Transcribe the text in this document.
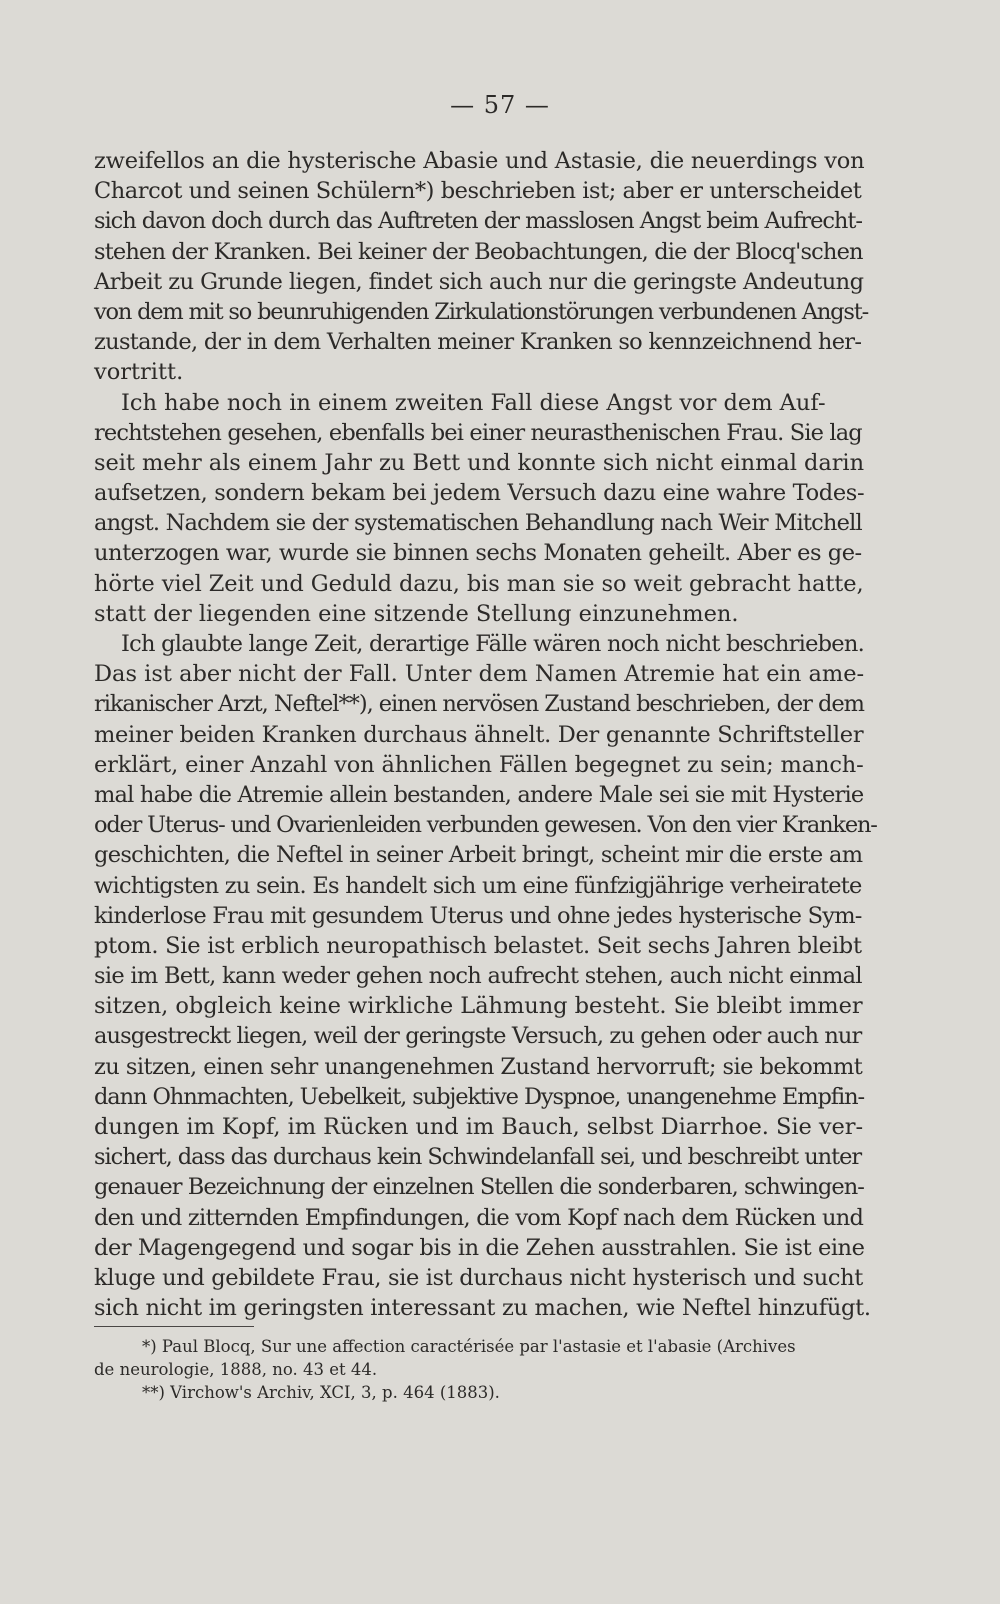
— 57 —
zweifellos an die hysterische Abasie und Astasie, die neuerdings von
Charcot und seinen Schülern*) beschrieben ist; aber er unterscheidet
sich davon doch durch das Auftreten der masslosen Angst beim Aufrecht-
stehen der Kranken. Bei keiner der Beobachtungen, die der Blocq'schen
Arbeit zu Grunde liegen, findet sich auch nur die geringste Andeutung
von dem mit so beunruhigenden Zirkulationstörungen verbundenen Angst-
zustande, der in dem Verhalten meiner Kranken so kennzeichnend her-
vortritt.
Ich habe noch in einem zweiten Fall diese Angst vor dem Auf-
rechtstehen gesehen, ebenfalls bei einer neurasthenischen Frau. Sie lag
seit mehr als einem Jahr zu Bett und konnte sich nicht einmal darin
aufsetzen, sondern bekam bei jedem Versuch dazu eine wahre Todes-
angst. Nachdem sie der systematischen Behandlung nach Weir Mitchell
unterzogen war, wurde sie binnen sechs Monaten geheilt. Aber es ge-
hörte viel Zeit und Geduld dazu, bis man sie so weit gebracht hatte,
statt der liegenden eine sitzende Stellung einzunehmen.
Ich glaubte lange Zeit, derartige Fälle wären noch nicht beschrieben.
Das ist aber nicht der Fall. Unter dem Namen Atremie hat ein ame-
rikanischer Arzt, Neftel**), einen nervösen Zustand beschrieben, der dem
meiner beiden Kranken durchaus ähnelt. Der genannte Schriftsteller
erklärt, einer Anzahl von ähnlichen Fällen begegnet zu sein; manch-
mal habe die Atremie allein bestanden, andere Male sei sie mit Hysterie
oder Uterus- und Ovarienleiden verbunden gewesen. Von den vier Kranken-
geschichten, die Neftel in seiner Arbeit bringt, scheint mir die erste am
wichtigsten zu sein. Es handelt sich um eine fünfzigjährige verheiratete
kinderlose Frau mit gesundem Uterus und ohne jedes hysterische Sym-
ptom. Sie ist erblich neuropathisch belastet. Seit sechs Jahren bleibt
sie im Bett, kann weder gehen noch aufrecht stehen, auch nicht einmal
sitzen, obgleich keine wirkliche Lähmung besteht. Sie bleibt immer
ausgestreckt liegen, weil der geringste Versuch, zu gehen oder auch nur
zu sitzen, einen sehr unangenehmen Zustand hervorruft; sie bekommt
dann Ohnmachten, Uebelkeit, subjektive Dyspnoe, unangenehme Empfin-
dungen im Kopf, im Rücken und im Bauch, selbst Diarrhoe. Sie ver-
sichert, dass das durchaus kein Schwindelanfall sei, und beschreibt unter
genauer Bezeichnung der einzelnen Stellen die sonderbaren, schwingen-
den und zitternden Empfindungen, die vom Kopf nach dem Rücken und
der Magengegend und sogar bis in die Zehen ausstrahlen. Sie ist eine
kluge und gebildete Frau, sie ist durchaus nicht hysterisch und sucht
sich nicht im geringsten interessant zu machen, wie Neftel hinzufügt.
*) Paul Blocq, Sur une affection caractérisée par l'astasie et l'abasie (Archives
de neurologie, 1888, no. 43 et 44.
**) Virchow's Archiv, XCI, 3, p. 464 (1883).
